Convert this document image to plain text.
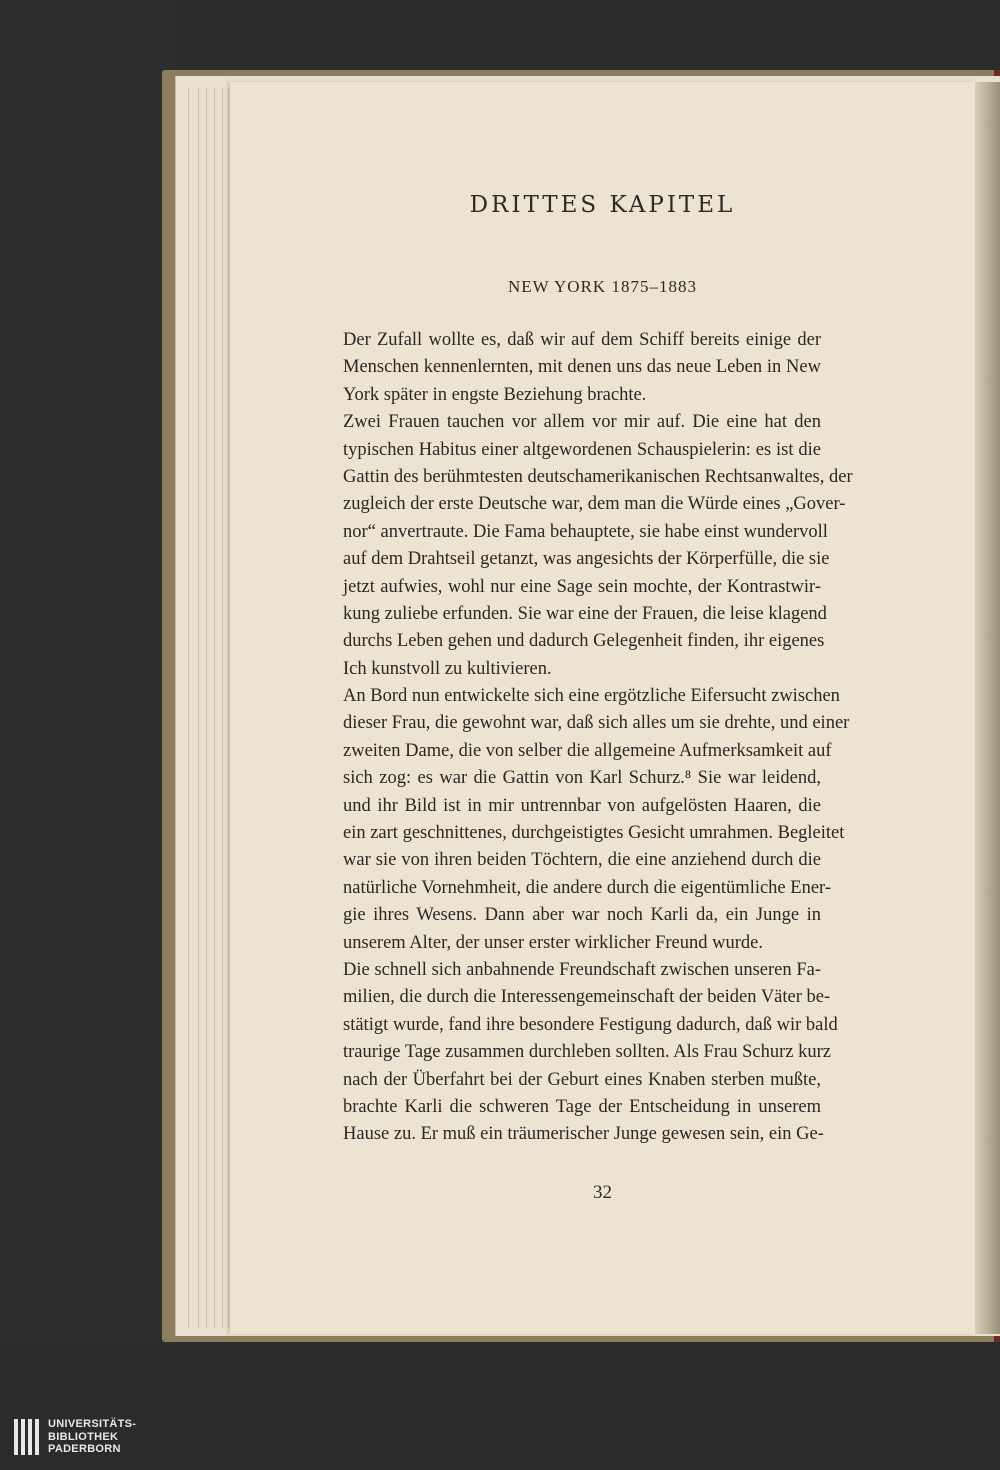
DRITTES KAPITEL
NEW YORK 1875–1883
Der Zufall wollte es, daß wir auf dem Schiff bereits einige der
Menschen kennenlernten, mit denen uns das neue Leben in New
York später in engste Beziehung brachte.
Zwei Frauen tauchen vor allem vor mir auf. Die eine hat den
typischen Habitus einer altgewordenen Schauspielerin: es ist die
Gattin des berühmtesten deutschamerikanischen Rechtsanwaltes, der
zugleich der erste Deutsche war, dem man die Würde eines „Gover-
nor“ anvertraute. Die Fama behauptete, sie habe einst wundervoll
auf dem Drahtseil getanzt, was angesichts der Körperfülle, die sie
jetzt aufwies, wohl nur eine Sage sein mochte, der Kontrastwir-
kung zuliebe erfunden. Sie war eine der Frauen, die leise klagend
durchs Leben gehen und dadurch Gelegenheit finden, ihr eigenes
Ich kunstvoll zu kultivieren.
An Bord nun entwickelte sich eine ergötzliche Eifersucht zwischen
dieser Frau, die gewohnt war, daß sich alles um sie drehte, und einer
zweiten Dame, die von selber die allgemeine Aufmerksamkeit auf
sich zog: es war die Gattin von Karl Schurz.⁸ Sie war leidend,
und ihr Bild ist in mir untrennbar von aufgelösten Haaren, die
ein zart geschnittenes, durchgeistigtes Gesicht umrahmen. Begleitet
war sie von ihren beiden Töchtern, die eine anziehend durch die
natürliche Vornehmheit, die andere durch die eigentümliche Ener-
gie ihres Wesens. Dann aber war noch Karli da, ein Junge in
unserem Alter, der unser erster wirklicher Freund wurde.
Die schnell sich anbahnende Freundschaft zwischen unseren Fa-
milien, die durch die Interessengemeinschaft der beiden Väter be-
stätigt wurde, fand ihre besondere Festigung dadurch, daß wir bald
traurige Tage zusammen durchleben sollten. Als Frau Schurz kurz
nach der Überfahrt bei der Geburt eines Knaben sterben mußte,
brachte Karli die schweren Tage der Entscheidung in unserem
Hause zu. Er muß ein träumerischer Junge gewesen sein, ein Ge-
32
UNIVERSITÄTS-
BIBLIOTHEK
PADERBORN
